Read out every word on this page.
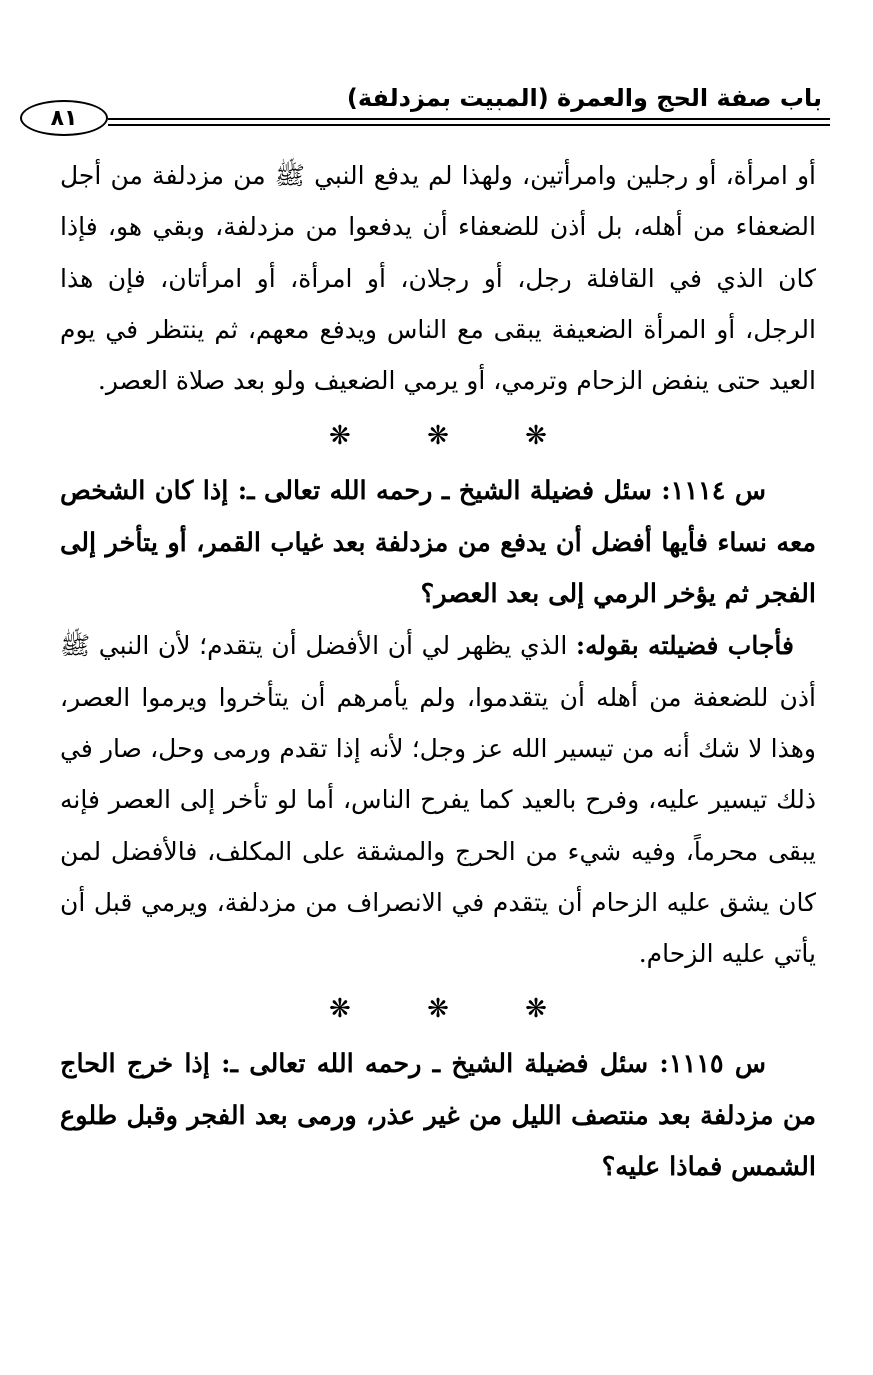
باب صفة الحج والعمرة (المبيت بمزدلفة)
٨١

أو امرأة، أو رجلين وامرأتين، ولهذا لم يدفع النبي ﷺ من مزدلفة من أجل الضعفاء من أهله، بل أذن للضعفاء أن يدفعوا من مزدلفة، وبقي هو، فإذا كان الذي في القافلة رجل، أو رجلان، أو امرأة، أو امرأتان، فإن هذا الرجل، أو المرأة الضعيفة يبقى مع الناس ويدفع معهم، ثم ينتظر في يوم العيد حتى ينفض الزحام وترمي، أو يرمي الضعيف ولو بعد صلاة العصر.

❋ ❋ ❋

س ١١١٤: سئل فضيلة الشيخ ـ رحمه الله تعالى ـ: إذا كان الشخص معه نساء فأيها أفضل أن يدفع من مزدلفة بعد غياب القمر، أو يتأخر إلى الفجر ثم يؤخر الرمي إلى بعد العصر؟

فأجاب فضيلته بقوله: الذي يظهر لي أن الأفضل أن يتقدم؛ لأن النبي ﷺ أذن للضعفة من أهله أن يتقدموا، ولم يأمرهم أن يتأخروا ويرموا العصر، وهذا لا شك أنه من تيسير الله عز وجل؛ لأنه إذا تقدم ورمى وحل، صار في ذلك تيسير عليه، وفرح بالعيد كما يفرح الناس، أما لو تأخر إلى العصر فإنه يبقى محرماً، وفيه شيء من الحرج والمشقة على المكلف، فالأفضل لمن كان يشق عليه الزحام أن يتقدم في الانصراف من مزدلفة، ويرمي قبل أن يأتي عليه الزحام.

❋ ❋ ❋

س ١١١٥: سئل فضيلة الشيخ ـ رحمه الله تعالى ـ: إذا خرج الحاج من مزدلفة بعد منتصف الليل من غير عذر، ورمى بعد الفجر وقبل طلوع الشمس فماذا عليه؟
